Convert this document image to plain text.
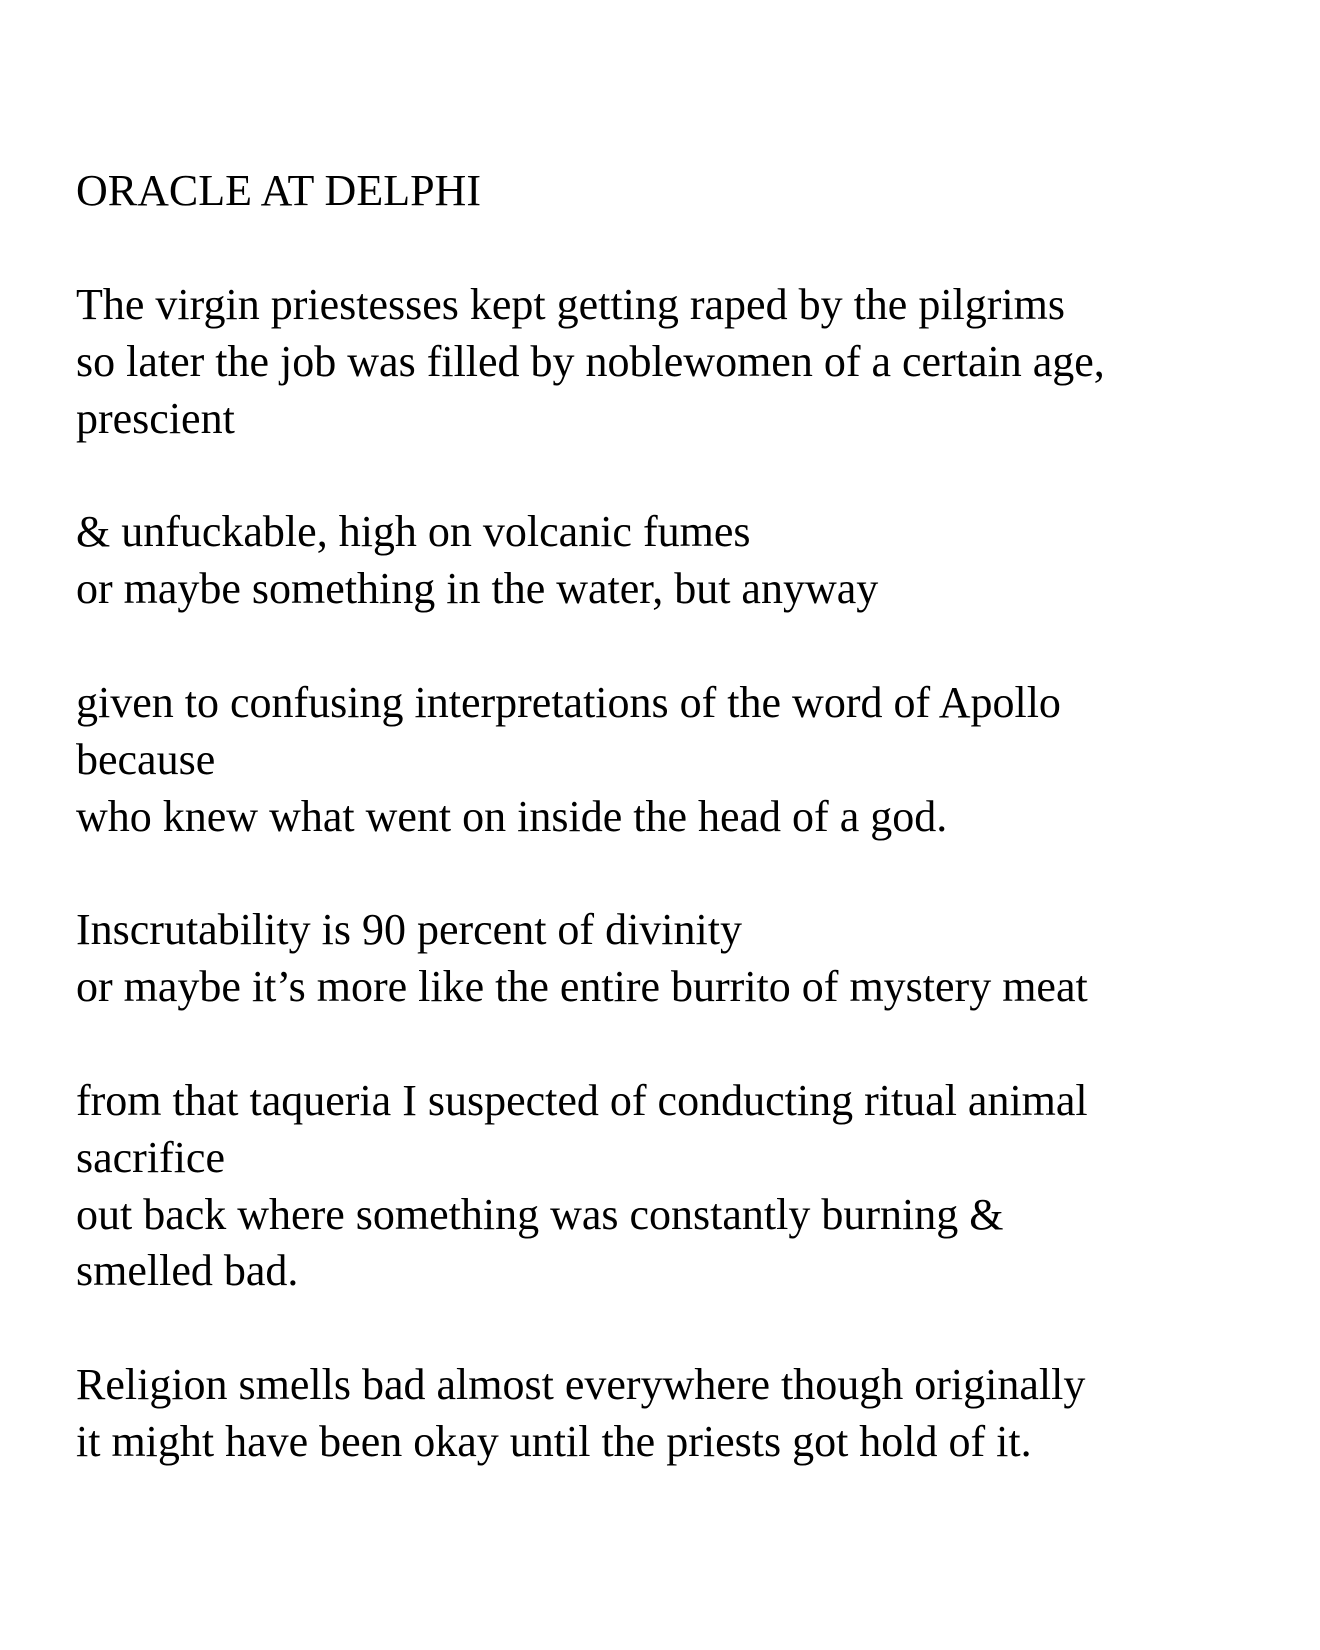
ORACLE AT DELPHI
The virgin priestesses kept getting raped by the pilgrims
so later the job was filled by noblewomen of a certain age,
prescient
& unfuckable, high on volcanic fumes
or maybe something in the water, but anyway
given to confusing interpretations of the word of Apollo
because
who knew what went on inside the head of a god.
Inscrutability is 90 percent of divinity
or maybe it’s more like the entire burrito of mystery meat
from that taqueria I suspected of conducting ritual animal
sacrifice
out back where something was constantly burning &
smelled bad.
Religion smells bad almost everywhere though originally
it might have been okay until the priests got hold of it.
